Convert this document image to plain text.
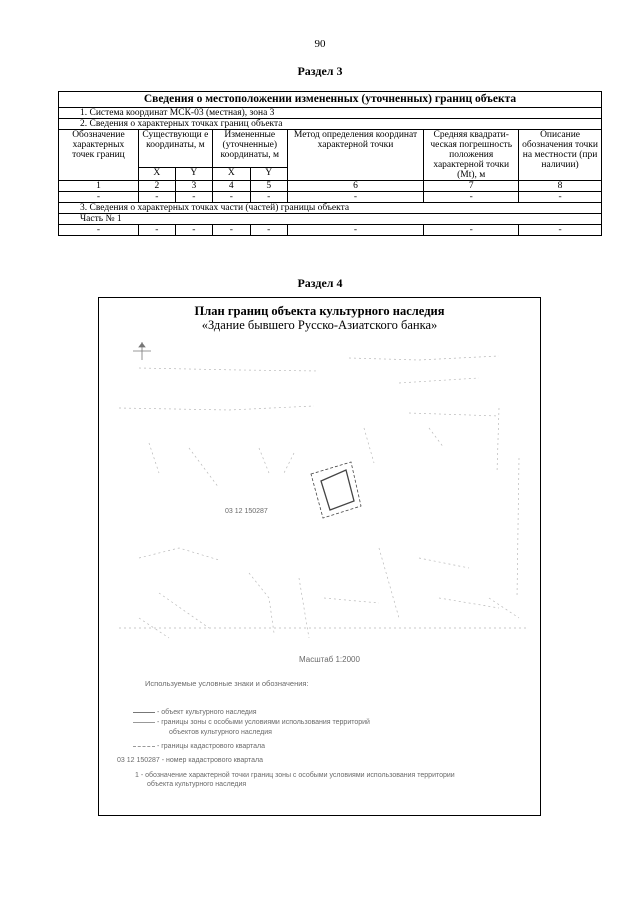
90
Раздел 3
Сведения о местоположении измененных (уточненных) границ объекта							
1. Система координат МСК-03 (местная), зона 3							
2. Сведения о характерных точках границ объекта							
Обозначение характерных точек границ	Существующи е координаты, м		Измененные (уточненные) координаты, м		Метод определения координат характерной точки	Средняя квадрати- ческая погрешность положения характерной точки (Mt), м	Описание обозначения точки на местности (при наличии)
	X	Y	X	Y			
1	2	3	4	5	6	7	8
-	-	-	-	-	-	-	-
3. Сведения о характерных точках части (частей) границы объекта							
Часть № 1							
-	-	-	-	-	-	-	-
Раздел 4
План границ объекта культурного наследия
«Здание бывшего Русско-Азиатского банка»
03 12 150287
Масштаб 1:2000
Используемые условные знаки и обозначения:
- объект культурного наследия
- границы зоны с особыми условиями использования территорий
объектов культурного наследия
- границы кадастрового квартала
03 12 150287 - номер кадастрового квартала
1 - обозначение характерной точки границ зоны с особыми условиями использования территории
объекта культурного наследия
